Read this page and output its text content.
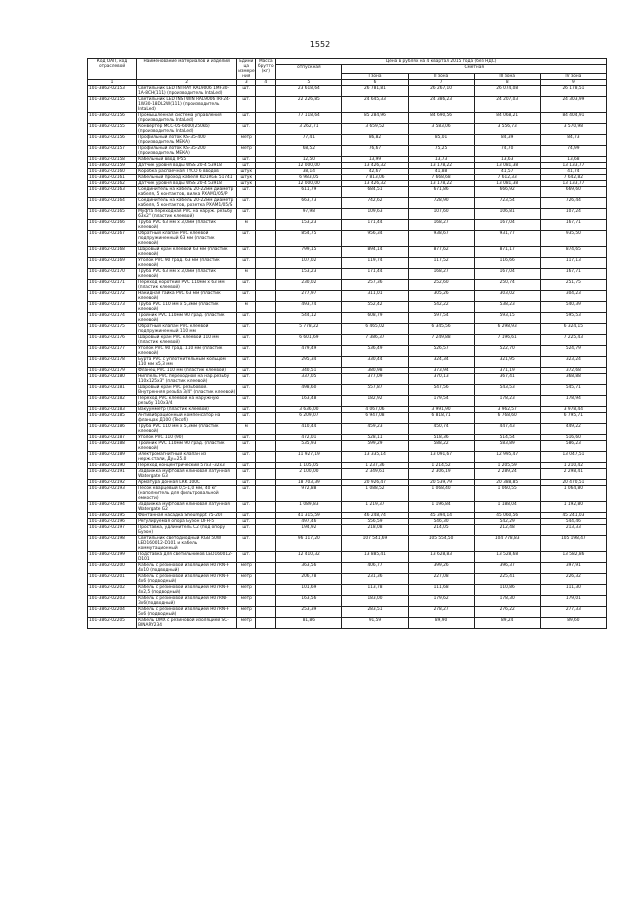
1552
Код ОАП, код отраслевой	Наименование материалов и изделий	Едини ца измере ния	Масса брутто (кг)	Цена в рублях на 4 квартал 2015 года (без НДС)				
				отпускная	Сметная			
					I зона	II зона	III зона	IV зона
1	2	3	4	5	6	7	8	9
101-3862-02153	Светильник LED INTRAY RAL9006 1MF30-1A-8CH(111) (производитель IntaLed)	шт.		23 618,64	26 781,81	26 267,10	26 074,08	26 178,51
101-3862-02155	Светильник LED INSTWIN RAL9006 IRF24-1W30-18DL2W(111) (производитель IntaLed)	шт.		22 226,85	24 645,33	24 386,23	24 207,03	24 303,99
101-3862-02156	Промышленная система управления (производитель IntaLed)	шт.		77 118,64	85 284,96	84 690,56	84 068,21	84 404,91
101-3862-02155	Конвертер MCC-05-6000(250kb) (производитель IntaLed)	шт.		3 262,71	3 659,52	3 583,06	3 556,73	3 570,98
101-3862-02156	Профильный лоток KS-35-400 (производитель МЕКА)	метр		77,41	86,82	85,01	84,39	84,73
101-3862-02157	Профильный лоток KS-35-200 (производитель МЕКА)	метр		68,52	76,67	75,25	74,70	74,99
101-3862-02158	Кабельный ввод IP55	шт.		12,50	13,99	13,73	13,63	13,68
101-3862-02159	Датчик уровня воды WSS 20-4 53918	шт.		12 000,00	13 426,32	13 178,22	13 081,38	13 133,77
101-3862-02160	Коробка распаечная TYCO 6 вводов	штук		38,14	42,67	41,88	41,57	41,74
101-3862-02161	Кабельный проход кабеля KD1RGE 51741	штук		6 983,05	7 813,06	7 668,68	7 612,33	7 642,82
101-3862-02162	Датчик уровня воды WSS 20-4 53918	штук		12 000,00	13 426,32	13 178,22	13 081,38	13 133,77
101-3862-02163	Соединитель на кабель 20-22мм диаметр кабеля, 5 контактов, вилка PXAM1/05/P	шт.		611,79	684,51	671,86	666,92	669,60
101-3862-02164	Соединитель на кабель 20-22мм диаметр кабеля, 5 контактов, розетка PXAM1/05/S	шт.		663,73	742,62	728,90	723,54	726,44
101-3862-02165	Муфта переходная PVC на наруж. резьбу 63х2" (пластик клеевой)	шт.		97,98	109,63	107,60	106,81	107,24
101-3862-02166	Труба PVC 63 мм x 3,0мм (пластик клеевой)	м		153,23	171,44	168,27	167,04	167,71
101-3862-02167	Обратный клапан PVC клеевой подпружиненный 63 мм (пластик клеевой)	шт.		854,75	956,34	938,67	931,77	935,50
101-3862-02168	Шаровый кран клеевой 63 мм (пластик клеевой)	шт.		799,15	894,14	877,62	871,17	874,65
101-3862-02169	Уголок PVC 90 град. 63 мм (пластик клеевой)	шт.		107,02	119,74	117,52	116,66	117,13
101-3862-02170	Труба PVC 63 мм x 3,0мм (пластик клеевой)	м		153,23	171,44	168,27	167,04	167,71
101-3862-02171	Переход короткий PVC 110мм x 63 мм (пластик клеевой)	шт.		230,02	257,36	252,60	250,74	251,75
101-3862-02172	Накидная гайка PVC 63 мм (пластик клеевой)	шт.		277,97	311,01	305,26	303,02	304,23
101-3862-02173	Труба PVC 110 мм x 5,3мм (пластик клеевой)	м		493,74	552,42	542,22	538,23	540,39
101-3862-02174	Тройник PVC 110мм 90 град. (пластик клеевой)	шт.		544,12	608,79	597,54	593,15	595,53
101-3862-02175	Обратный клапан PVC клеевой подпружиненный 110 мм	шт.		5 778,22	6 465,02	6 345,56	6 298,93	6 324,15
101-3862-02176	Шаровый кран PVC клеевой 110 мм (пластик клеевой)	шт.		6 601,69	7 386,37	7 249,88	7 196,61	7 225,43
101-3862-02177	Уголок PVC 90 град. 110 мм (пластик клеевой)	шт.		479,49	536,49	526,57	522,70	524,79
101-3862-02178	Бурта PVC с уплотнительным кольцом 110 мм x5,3 мм	шт.		295,34	330,44	324,34	321,95	323,24
101-3862-02179	Фланец PVC 110 мм (пластик клеевой)	шт.		340,51	380,98	373,94	371,19	372,68
101-3862-02180	Ниппель PVC переходной на нар.резьбу 110х125х3" (пластик клеевой)	шт.		337,05	377,09	370,13	367,41	368,88
101-3862-02181	Шаровый кран PVC резьбовой. Внутренняя резьба 3/4" (пластик клеевой)	шт.		498,60	557,87	547,56	543,53	545,71
101-3862-02182	Переход PVC клеевой на наружную резьбу 110х3/4	шт.		163,48	182,92	179,54	178,23	178,94
101-3862-02183	Вакуумметр (пластик клеевой)	шт.		3 636,00	4 067,06	3 991,90	3 962,57	3 978,44
101-3862-02185	Антивибрационный компенсатор на фланцах Д100 (Tecofi)	шт.		6 209,07	6 947,08	6 818,71	6 768,60	6 795,71
101-3862-02186	Труба PVC 110 мм x 5,3мм (пластик клеевой)	м		410,44	459,23	450,74	447,43	449,22
101-3862-02187	Уголок PVC 110 (90)	шт.		472,01	528,11	518,36	514,54	516,60
101-3862-02188	Тройник PVC 110мм 90 град. (пластик клеевой)	шт.		535,93	599,29	588,22	583,89	586,23
101-3862-02189	Электромагнитный клапан из нерж.стали, Ду=25.0	шт.		11 927,19	13 335,14	13 091,67	12 995,47	13 047,51
101-3862-02190	Переход концентрический 57х3 -32х3	шт.		1 105,05	1 237,36	1 214,52	1 205,59	1 210,42
101-3862-02191	Задвижка муфтовая клиновая латунная Watergate G3	шт.		2 100,00	2 349,61	2 306,19	2 289,24	2 298,41
101-3862-02192	Арматура донная LRK 100С	шт.		18 703,39	20 926,47	20 539,79	20 388,85	20 470,51
101-3862-02193	Песок кварцевый 0,5-1,0 мм, 40 кг (наполнитель для фильтровальной емкости)	шт.		972,88	1 088,52	1 068,40	1 060,55	1 064,80
101-3862-02194	Задвижка муфтовая клиновая латунная Watergate G2	шт.		1 089,83	1 219,37	1 196,84	1 188,04	1 192,80
101-3862-02195	Фонтанная насадка Sheumppt 75-20T	шт.		41 315,59	46 248,74	45 394,14	45 060,56	45 241,03
101-3862-02196	Регулируемая опора Буэон DFH-5	шт.		497,46	556,59	546,30	542,29	544,46
101-3862-02197	Проставка, удлинитель С2 (под опору Буэон)	шт.		194,92	218,08	214,05	212,48	213,33
101-3862-02198	Светильник светодиодный RGB 50W LED160012-D101 и кабель коммутационный	шт.		96 117,20	107 541,69	105 554,50	104 778,83	105 198,47
101-3862-02199	Подставка для светильников LED160012-D101	шт.		12 410,32	13 885,41	13 628,83	13 528,68	13 582,86
101-3862-02200	Кабель с резиновой изоляцией H07RN-F 4х10 (подводный)	метр		363,56	406,77	399,26	396,37	397,91
101-3862-02201	Кабель с резиновой изоляцией H07RN-F 4х6 (подводный)	метр		206,78	231,36	227,08	225,41	226,32
101-3862-02202	Кабель с резиновой изоляцией H07RN-F 4х2,5 (подводный)	метр		101,69	113,78	111,68	110,86	111,30
101-3862-02203	Кабель с резиновой изоляцией H07RNF 3x6(подводный)	метр		163,56	183,00	179,62	178,30	179,01
101-3862-02204	Кабель с резиновой изоляцией H07RN-F 5х6 (подводный)	метр		253,39	283,51	278,27	276,22	277,33
101-3862-02205	Кабель DMX с резиновой изоляцией SC-BINARY234	метр		81,86	91,59	89,90	89,24	89,60
